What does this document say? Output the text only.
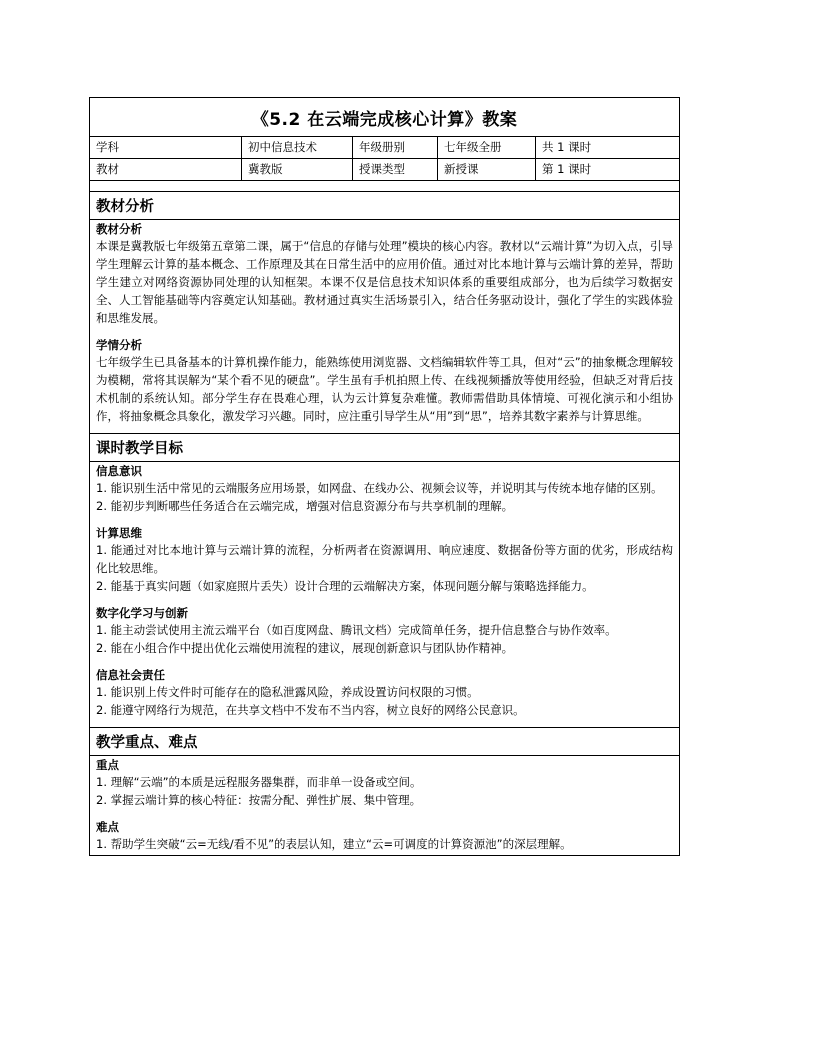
《5.2 在云端完成核心计算》教案
学科	初中信息技术	年级册别	七年级全册	共 1 课时
教材	冀教版	授课类型	新授课	第 1 课时
教材分析
教材分析
本课是冀教版七年级第五章第二课，属于“信息的存储与处理”模块的核心内容。教材以“云端计算”为切入点，引导学生理解云计算的基本概念、工作原理及其在日常生活中的应用价值。通过对比本地计算与云端计算的差异，帮助学生建立对网络资源协同处理的认知框架。本课不仅是信息技术知识体系的重要组成部分，也为后续学习数据安全、人工智能基础等内容奠定认知基础。教材通过真实生活场景引入，结合任务驱动设计，强化了学生的实践体验和思维发展。
学情分析
七年级学生已具备基本的计算机操作能力，能熟练使用浏览器、文档编辑软件等工具，但对“云”的抽象概念理解较为模糊，常将其误解为“某个看不见的硬盘”。学生虽有手机拍照上传、在线视频播放等使用经验，但缺乏对背后技术机制的系统认知。部分学生存在畏难心理，认为云计算复杂难懂。教师需借助具体情境、可视化演示和小组协作，将抽象概念具象化，激发学习兴趣。同时，应注重引导学生从“用”到“思”，培养其数字素养与计算思维。
课时教学目标
信息意识
1. 能识别生活中常见的云端服务应用场景，如网盘、在线办公、视频会议等，并说明其与传统本地存储的区别。
2. 能初步判断哪些任务适合在云端完成，增强对信息资源分布与共享机制的理解。
计算思维
1. 能通过对比本地计算与云端计算的流程，分析两者在资源调用、响应速度、数据备份等方面的优劣，形成结构化比较思维。
2. 能基于真实问题（如家庭照片丢失）设计合理的云端解决方案，体现问题分解与策略选择能力。
数字化学习与创新
1. 能主动尝试使用主流云端平台（如百度网盘、腾讯文档）完成简单任务，提升信息整合与协作效率。
2. 能在小组合作中提出优化云端使用流程的建议，展现创新意识与团队协作精神。
信息社会责任
1. 能识别上传文件时可能存在的隐私泄露风险，养成设置访问权限的习惯。
2. 能遵守网络行为规范，在共享文档中不发布不当内容，树立良好的网络公民意识。
教学重点、难点
重点
1. 理解“云端”的本质是远程服务器集群，而非单一设备或空间。
2. 掌握云端计算的核心特征：按需分配、弹性扩展、集中管理。
难点
1. 帮助学生突破“云=无线/看不见”的表层认知，建立“云=可调度的计算资源池”的深层理解。
